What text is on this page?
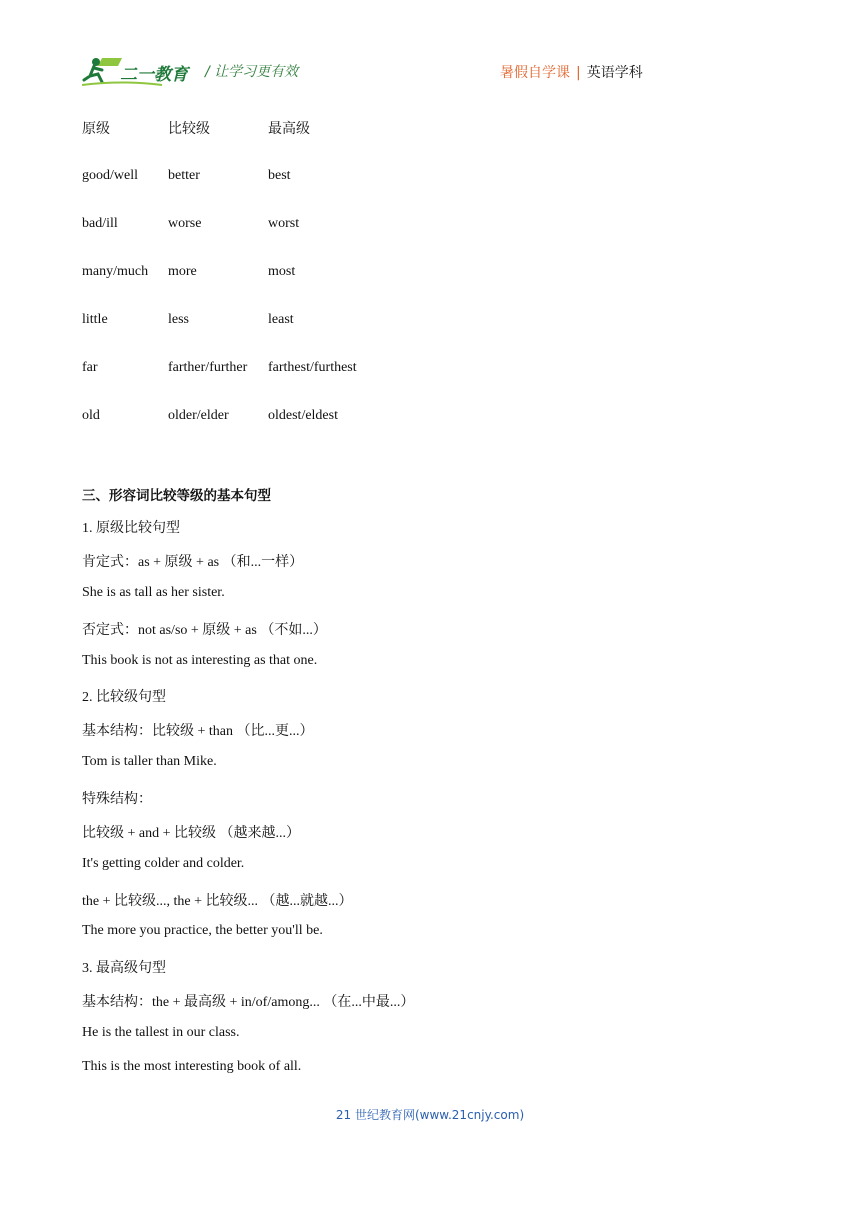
二一教育 / 让学习更有效	暑假自学课 | 英语学科
原级	比较级	最高级
good/well better	best
bad/ill	worse	worst
many/much more	most
little	less	least
far	farther/further farthest/furthest
old	older/elder	oldest/eldest
三、形容词比较等级的基本句型
1. 原级比较句型
肯定式：as + 原级 + as （和...一样）
She is as tall as her sister.
否定式：not as/so + 原级 + as （不如...）
This book is not as interesting as that one.
2. 比较级句型
基本结构：比较级 + than （比...更...）
Tom is taller than Mike.
特殊结构：
比较级 + and + 比较级 （越来越...）
It's getting colder and colder.
the + 比较级..., the + 比较级... （越...就越...）
The more you practice, the better you'll be.
3. 最高级句型
基本结构：the + 最高级 + in/of/among... （在...中最...）
He is the tallest in our class.
This is the most interesting book of all.
21 世纪教育网(www.21cnjy.com)
